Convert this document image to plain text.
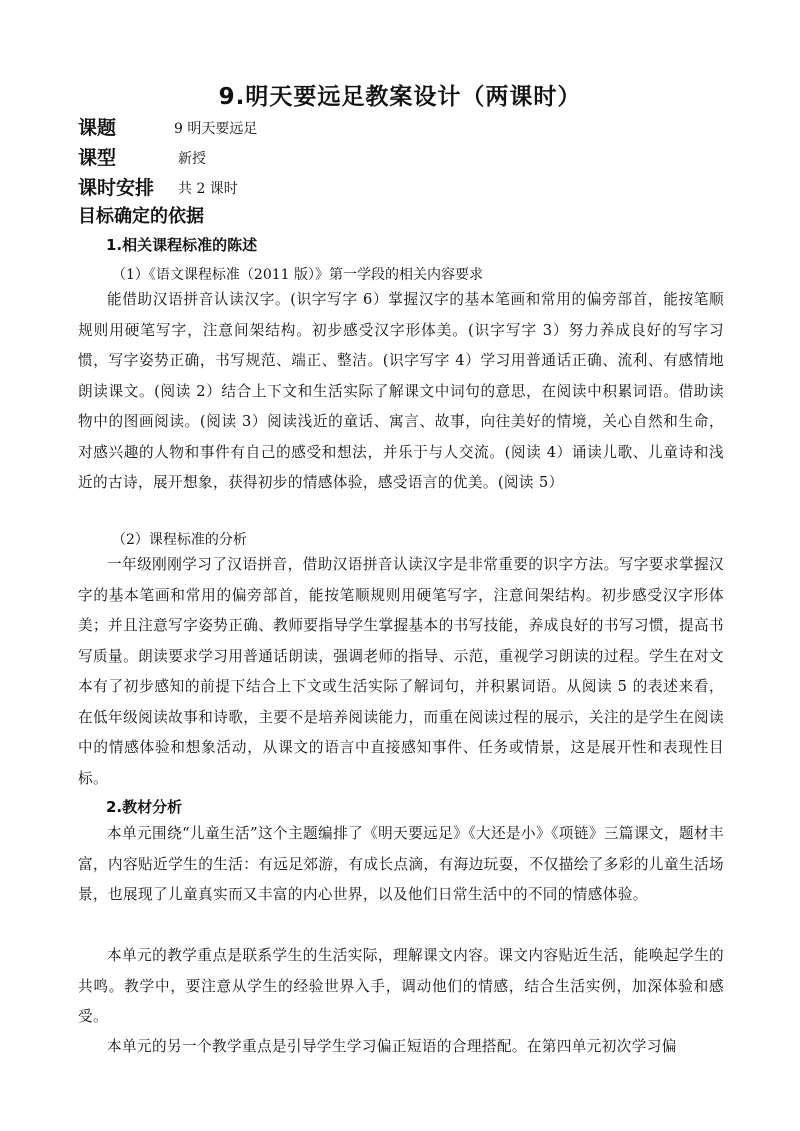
9.明天要远足教案设计（两课时）
课题	9 明天要远足
课型	新授
课时安排 共 2 课时
目标确定的依据
1.相关课程标准的陈述
（1）《语文课程标准（2011 版）》第一学段的相关内容要求
能借助汉语拼音认读汉字。(识字写字 6）掌握汉字的基本笔画和常用的偏旁部首，能按笔顺规则用硬笔写字，注意间架结构。初步感受汉字形体美。(识字写字 3）努力养成良好的写字习惯，写字姿势正确，书写规范、端正、整洁。(识字写字 4）学习用普通话正确、流利、有感情地朗读课文。(阅读 2）结合上下文和生活实际了解课文中词句的意思，在阅读中积累词语。借助读物中的图画阅读。(阅读 3）阅读浅近的童话、寓言、故事，向往美好的情境，关心自然和生命，对感兴趣的人物和事件有自己的感受和想法，并乐于与人交流。(阅读 4）诵读儿歌、儿童诗和浅近的古诗，展开想象，获得初步的情感体验，感受语言的优美。(阅读 5）
（2）课程标准的分析
一年级刚刚学习了汉语拼音，借助汉语拼音认读汉字是非常重要的识字方法。写字要求掌握汉字的基本笔画和常用的偏旁部首，能按笔顺规则用硬笔写字，注意间架结构。初步感受汉字形体美；并且注意写字姿势正确、教师要指导学生掌握基本的书写技能，养成良好的书写习惯，提高书写质量。朗读要求学习用普通话朗读，强调老师的指导、示范，重视学习朗读的过程。学生在对文本有了初步感知的前提下结合上下文或生活实际了解词句，并积累词语。从阅读 5 的表述来看，在低年级阅读故事和诗歌，主要不是培养阅读能力，而重在阅读过程的展示，关注的是学生在阅读中的情感体验和想象活动，从课文的语言中直接感知事件、任务或情景，这是展开性和表现性目标。
2.教材分析
本单元围绕“儿童生活”这个主题编排了《明天要远足》《大还是小》《项链》三篇课文，题材丰富，内容贴近学生的生活：有远足郊游，有成长点滴，有海边玩耍，不仅描绘了多彩的儿童生活场景，也展现了儿童真实而又丰富的内心世界，以及他们日常生活中的不同的情感体验。
本单元的教学重点是联系学生的生活实际，理解课文内容。课文内容贴近生活，能唤起学生的共鸣。教学中，要注意从学生的经验世界入手，调动他们的情感，结合生活实例，加深体验和感受。
本单元的另一个教学重点是引导学生学习偏正短语的合理搭配。在第四单元初次学习偏
